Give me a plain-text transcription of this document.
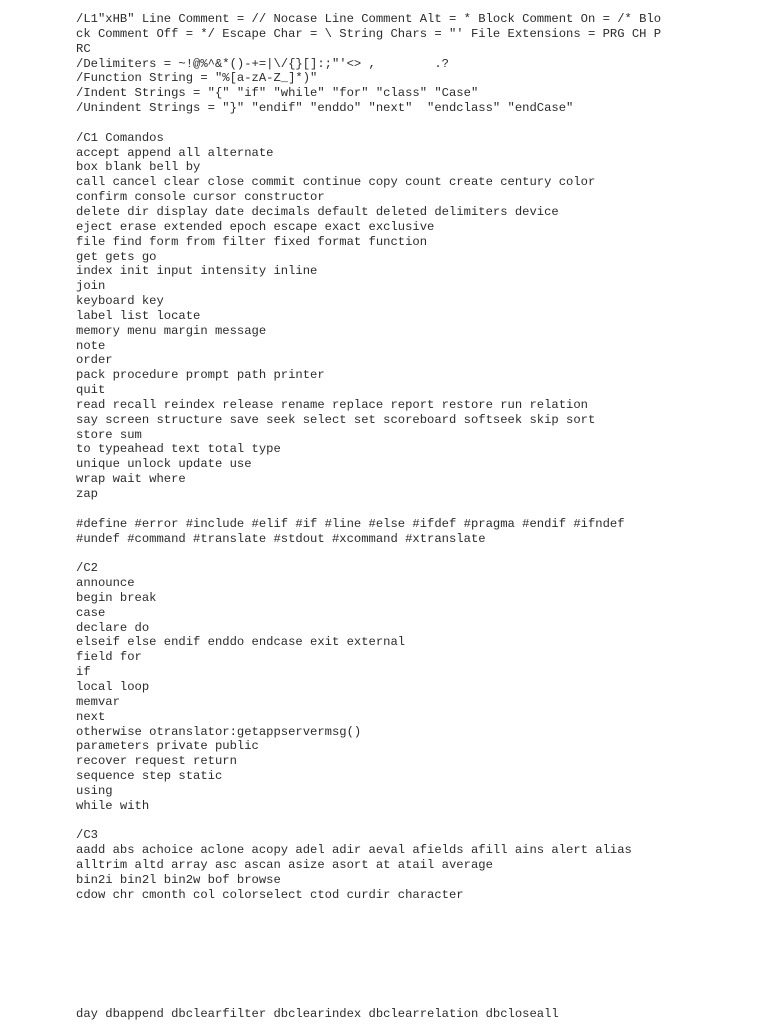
/L1"xHB" Line Comment = // Nocase Line Comment Alt = * Block Comment On = /* Blo
ck Comment Off = */ Escape Char = \ String Chars = "' File Extensions = PRG CH P
RC
/Delimiters = ~!@%^&*()-+=|\/{}[]:;"'<> ,        .?
/Function String = "%[a-zA-Z_]*)"
/Indent Strings = "{" "if" "while" "for" "class" "Case"
/Unindent Strings = "}" "endif" "enddo" "next"  "endclass" "endCase"
/C1 Comandos
accept append all alternate
box blank bell by
call cancel clear close commit continue copy count create century color
confirm console cursor constructor
delete dir display date decimals default deleted delimiters device
eject erase extended epoch escape exact exclusive
file find form from filter fixed format function
get gets go
index init input intensity inline
join
keyboard key
label list locate
memory menu margin message
note
order
pack procedure prompt path printer
quit
read recall reindex release rename replace report restore run relation
say screen structure save seek select set scoreboard softseek skip sort
store sum
to typeahead text total type
unique unlock update use
wrap wait where
zap
#define #error #include #elif #if #line #else #ifdef #pragma #endif #ifndef
#undef #command #translate #stdout #xcommand #xtranslate
/C2
announce
begin break
case
declare do
elseif else endif enddo endcase exit external
field for
if
local loop
memvar
next
otherwise otranslator:getappservermsg()
parameters private public
recover request return
sequence step static
using
while with
/C3
aadd abs achoice aclone acopy adel adir aeval afields afill ains alert alias
alltrim altd array asc ascan asize asort at atail average
bin2i bin2l bin2w bof browse
cdow chr cmonth col colorselect ctod curdir character
day dbappend dbclearfilter dbclearindex dbclearrelation dbcloseall
